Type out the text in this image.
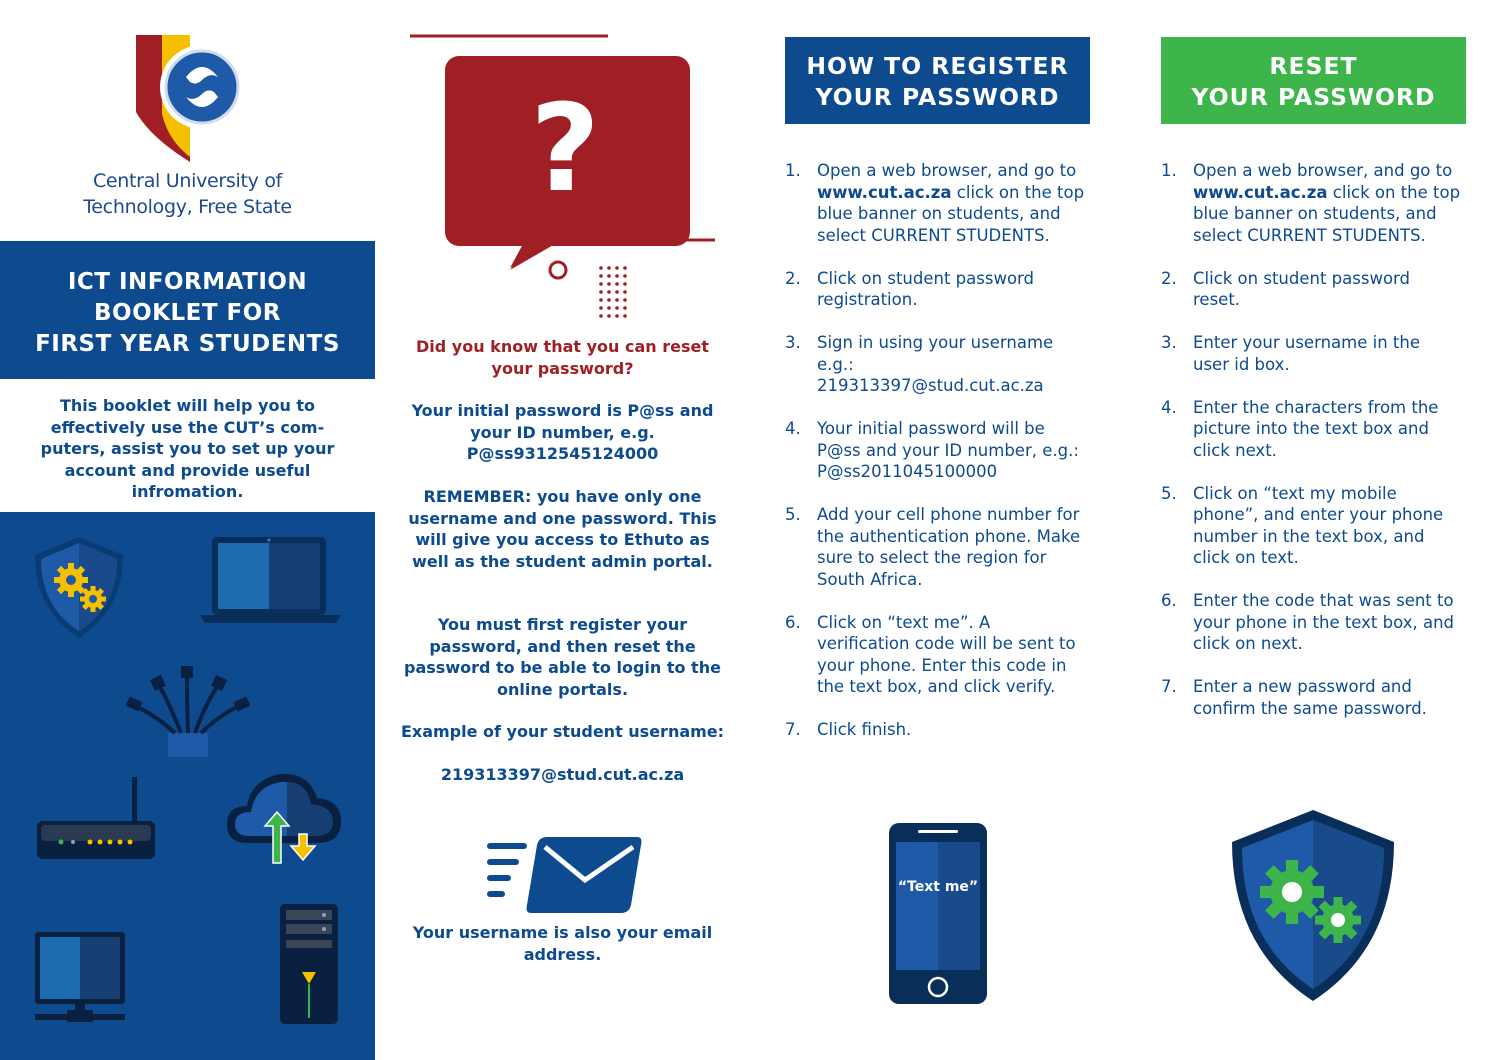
Central University of
Technology, Free State
ICT INFORMATION
BOOKLET FOR
FIRST YEAR STUDENTS
This booklet will help you to effectively use the CUT’s com-puters, assist you to set up your account and provide useful infromation.
?
Did you know that you can reset your password?
Your initial password is P@ss and your ID number, e.g. P@ss9312545124000
REMEMBER: you have only one username and one password. This will give you access to Ethuto as well as the student admin portal.
You must first register your password, and then reset the password to be able to login to the online portals.
Example of your student username:
219313397@stud.cut.ac.za
Your username is also your email address.
HOW TO REGISTER
YOUR PASSWORD
1. Open a web browser, and go to www.cut.ac.za click on the top blue banner on students, and select CURRENT STUDENTS.
2. Click on student password registration.
3. Sign in using your username e.g.: 219313397@stud.cut.ac.za
4. Your initial password will be P@ss and your ID number, e.g.: P@ss2011045100000
5. Add your cell phone number for the authentication phone. Make sure to select the region for South Africa.
6. Click on “text me”. A verification code will be sent to your phone. Enter this code in the text box, and click verify.
7. Click finish.
“Text me”
RESET
YOUR PASSWORD
1. Open a web browser, and go to www.cut.ac.za click on the top blue banner on students, and select CURRENT STUDENTS.
2. Click on student password reset.
3. Enter your username in the user id box.
4. Enter the characters from the picture into the text box and click next.
5. Click on “text my mobile phone”, and enter your phone number in the text box, and click on text.
6. Enter the code that was sent to your phone in the text box, and click on next.
7. Enter a new password and confirm the same password.
